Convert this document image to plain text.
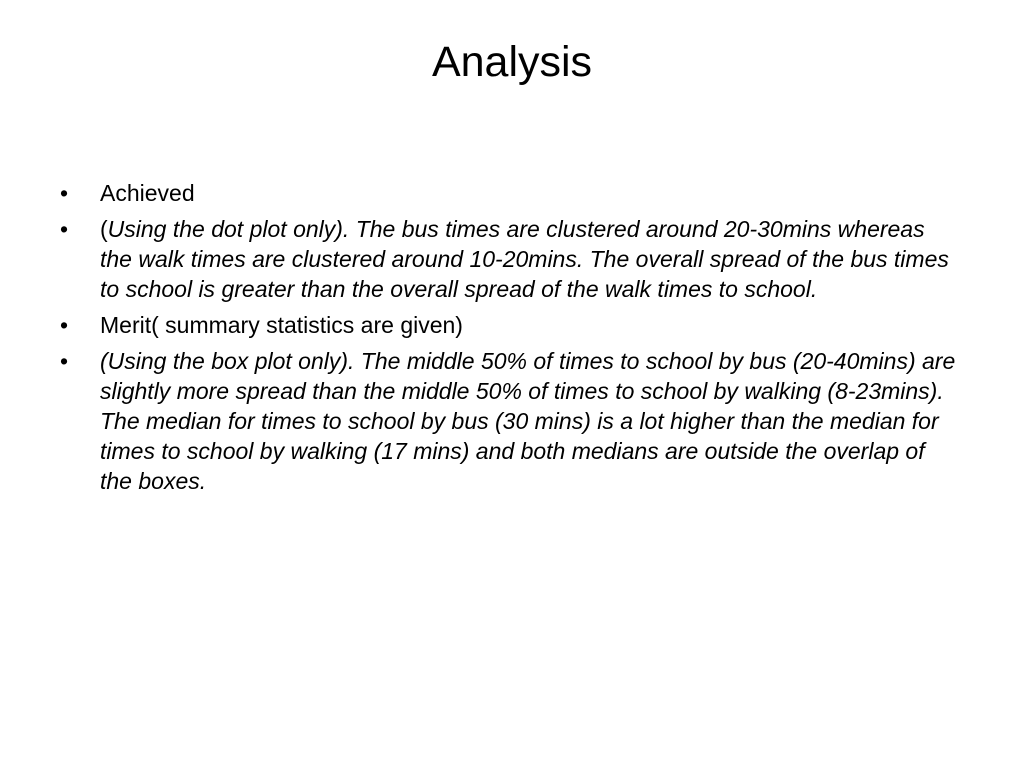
Analysis
•	Achieved
•	(Using the dot plot only). The bus times are clustered around 20-30mins whereas the walk times are clustered around 10-20mins. The overall spread of the bus times to school is greater than the overall spread of the walk times to school.
•	Merit( summary statistics are given)
•	(Using the box plot only). The middle 50% of times to school by bus (20-40mins) are slightly more spread than the middle 50% of times to school by walking (8-23mins). The median for times to school by bus (30 mins) is a lot higher than the median for times to school by walking (17 mins) and both medians are outside the overlap of the boxes.
